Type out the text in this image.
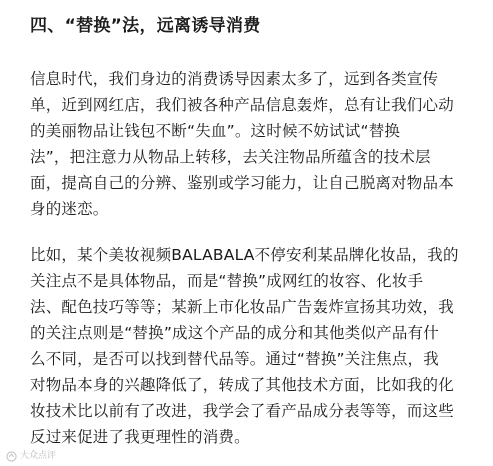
四、“替换”法，远离诱导消费
信息时代，我们身边的消费诱导因素太多了，远到各类宣传
单，近到网红店，我们被各种产品信息轰炸，总有让我们心动
的美丽物品让钱包不断“失血”。这时候不妨试试“替换
法”，把注意力从物品上转移，去关注物品所蕴含的技术层
面，提高自己的分辨、鉴别或学习能力，让自己脱离对物品本
身的迷恋。
比如，某个美妆视频BALABALA不停安利某品牌化妆品，我的
关注点不是具体物品，而是“替换”成网红的妆容、化妆手
法、配色技巧等等；某新上市化妆品广告轰炸宣扬其功效，我
的关注点则是“替换”成这个产品的成分和其他类似产品有什
么不同，是否可以找到替代品等。通过“替换”关注焦点，我
对物品本身的兴趣降低了，转成了其他技术方面，比如我的化
妆技术比以前有了改进，我学会了看产品成分表等等，而这些
反过来促进了我更理性的消费。
大众点评
